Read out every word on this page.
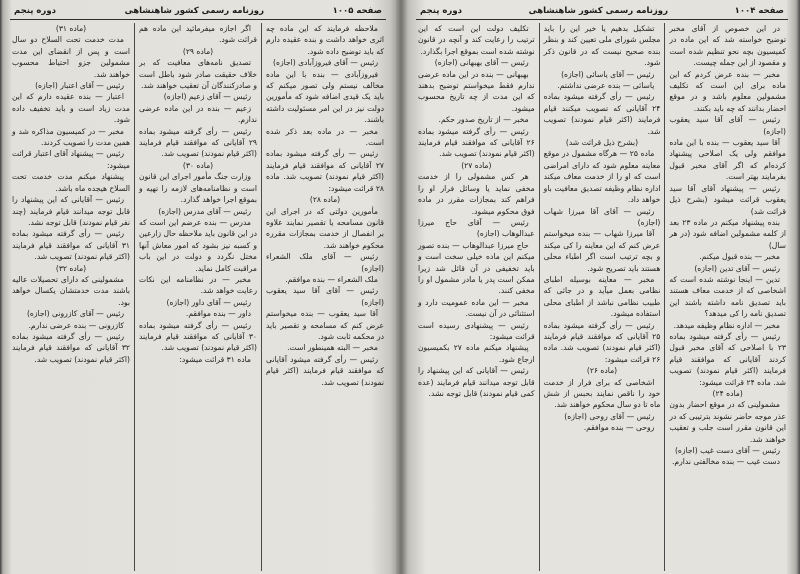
صفحه ۱۰۰۵
روزنامه رسمی کشور شاهنشاهی
دوره پنجم

ملاحظه فرمایند که این ماده چه اثری خواهد داشت و بنده عقیده دارم که باید توضیح داده شود.

رئیس — آقای فیروزآبادی (اجازه)

فیروزآبادی — بنده با این ماده مخالف نیستم ولی تصور میکنم که باید یک قیدی اضافه شود که مأمورین دولت نیز در این امر مسئولیت داشته باشند.

مخبر — در ماده بعد ذکر شده است.

رئیس — رأی گرفته میشود بماده ۲۷ آقایانی که موافقند قیام فرمایند (اکثر قیام نمودند) تصویب شد. ماده ۲۸ قرائت میشود:

(ماده ۲۸)

مأمورین دولتی که در اجرای این قانون مسامحه یا تقصیر نمایند علاوه بر انفصال از خدمت بمجازات مقرره محکوم خواهند شد.

رئیس — آقای ملک الشعراء (اجازه)

ملک الشعراء — بنده موافقم.

رئیس — آقای آقا سید یعقوب (اجازه)

آقا سید یعقوب — بنده میخواستم عرض کنم که مسامحه و تقصیر باید در محکمه ثابت شود.

مخبر — البته همینطور است.

رئیس — رأی گرفته میشود آقایانی که موافقند قیام فرمایند (اکثر قیام نمودند) تصویب شد.

اگر اجازه میفرمائید این ماده هم قرائت شود.

(ماده ۲۹)

تصدیق نامه‌های معافیت که بر خلاف حقیقت صادر شود باطل است و صادرکنندگان آن تعقیب خواهند شد.

رئیس — آقای زعیم (اجازه)

زعیم — بنده در این ماده عرضی ندارم.

رئیس — رأی گرفته میشود بماده ۲۹ آقایانی که موافقند قیام فرمایند (اکثر قیام نمودند) تصویب شد.

(ماده ۳۰)

وزارت جنگ مأمور اجرای این قانون است و نظامنامه‌های لازمه را تهیه و بموقع اجرا خواهد گذارد.

رئیس — آقای مدرس (اجازه)

مدرس — بنده عرضم این است که در این قانون باید ملاحظه حال زارعین و کسبه نیز بشود که امور معاش آنها مختل نگردد و دولت در این باب مراقبت کامل نماید.

مخبر — در نظامنامه این نکات رعایت خواهد شد.

رئیس — آقای داور (اجازه)

داور — بنده موافقم.

رئیس — رأی گرفته میشود بماده ۳۰ آقایانی که موافقند قیام فرمایند (اکثر قیام نمودند) تصویب شد.

ماده ۳۱ قرائت میشود:

(ماده ۳۱)

مدت خدمت تحت السلاح دو سال است و پس از انقضای این مدت مشمولین جزو احتیاط محسوب خواهند شد.

رئیس — آقای اعتبار (اجازه)

اعتبار — بنده عقیده دارم که این مدت زیاد است و باید تخفیف داده شود.

مخبر — در کمیسیون مذاکره شد و همین مدت را تصویب کردند.

رئیس — پیشنهاد آقای اعتبار قرائت میشود:

پیشنهاد میکنم مدت خدمت تحت السلاح هیجده ماه باشد.

رئیس — آقایانی که این پیشنهاد را قابل توجه میدانند قیام فرمایند (چند نفر قیام نمودند) قابل توجه نشد.

رئیس — رأی گرفته میشود بماده ۳۱ آقایانی که موافقند قیام فرمایند (اکثر قیام نمودند) تصویب شد.

(ماده ۳۲)

مشمولینی که دارای تحصیلات عالیه باشند مدت خدمتشان یکسال خواهد بود.

رئیس — آقای کازرونی (اجازه)

کازرونی — بنده عرضی ندارم.

رئیس — رأی گرفته میشود بماده ۳۲ آقایانی که موافقند قیام فرمایند (اکثر قیام نمودند) تصویب شد.

صفحه ۱۰۰۴
روزنامه رسمی کشور شاهنشاهی
دوره پنجم

در این خصوص از آقای مخبر توضیح خواسته شد که این ماده در کمیسیون بچه نحو تنظیم شده است و مقصود از این جمله چیست.

مخبر — بنده عرض کردم که این ماده برای این است که تکلیف مشمولین معلوم باشد و در موقع احضار بدانند که چه باید بکنند.

رئیس — آقای آقا سید یعقوب (اجازه)

آقا سید یعقوب — بنده با این ماده موافقم ولی یک اصلاحی پیشنهاد کرده‌ام که اگر آقای مخبر قبول بفرمایند بهتر است.

رئیس — پیشنهاد آقای آقا سید یعقوب قرائت میشود (بشرح ذیل قرائت شد)

بنده پیشنهاد میکنم در ماده ۲۳ بعد از کلمه مشمولین اضافه شود (در هر سال)

مخبر — بنده قبول میکنم.

رئیس — آقای تدین (اجازه)

تدین — اینجا نوشته شده است که اشخاصی که از خدمت معاف هستند باید تصدیق نامه داشته باشند این تصدیق نامه را کی میدهد؟

مخبر — اداره نظام وظیفه میدهد.

رئیس — رأی گرفته میشود بماده ۲۳ با اصلاحی که آقای مخبر قبول کردند آقایانی که موافقند قیام فرمایند (اکثر قیام نمودند) تصویب شد. ماده ۲۴ قرائت میشود:

(ماده ۲۴)

مشمولینی که در موقع احضار بدون عذر موجه حاضر نشوند بترتیبی که در این قانون مقرر است جلب و تعقیب خواهند شد.

رئیس — آقای دست غیب (اجازه)

دست غیب — بنده مخالفتی ندارم.

تشکیل بدهیم یا خیر این را باید مجلس شورای ملی تعیین کند و بنظر بنده صحیح نیست که در قانون ذکر شود.

رئیس — آقای یاسائی (اجازه)

یاسائی — بنده عرضی نداشتم.

رئیس — رأی گرفته میشود بماده ۲۴ آقایانی که تصویب میکنند قیام فرمایند (اکثر قیام نمودند) تصویب شد.

(بشرح ذیل قرائت شد)

ماده ۲۵ — هرگاه مشمول در موقع معاینه معلوم شود که دارای امراضی است که او را از خدمت معاف میکند اداره نظام وظیفه تصدیق معافیت باو خواهد داد.

رئیس — آقای آقا میرزا شهاب (اجازه)

آقا میرزا شهاب — بنده میخواستم عرض کنم که این معاینه را کی میکند و بچه ترتیب است اگر اطباء محلی هستند باید تصریح شود.

مخبر — معاینه بوسیله اطبای نظامی بعمل میآید و در جائی که طبیب نظامی نباشد از اطبای محلی استفاده میشود.

رئیس — رأی گرفته میشود بماده ۲۵ آقایانی که موافقند قیام فرمایند (اکثر قیام نمودند) تصویب شد. ماده ۲۶ قرائت میشود:

(ماده ۲۶)

اشخاصی که برای فرار از خدمت خود را ناقص نمایند بحبس از شش ماه تا دو سال محکوم خواهند شد.

رئیس — آقای روحی (اجازه)

روحی — بنده موافقم.

تکلیف دولت این است که این ترتیب را رعایت کند و آنچه در قانون نوشته شده است بموقع اجرا بگذارد.

رئیس — آقای بهبهانی (اجازه)

بهبهانی — بنده در این ماده عرضی ندارم فقط میخواستم توضیح بدهند که این مدت از چه تاریخ محسوب میشود.

مخبر — از تاریخ صدور حکم.

رئیس — رأی گرفته میشود بماده ۲۶ آقایانی که موافقند قیام فرمایند (اکثر قیام نمودند) تصویب شد.

(ماده ۲۷)

هر کس مشمولی را از خدمت مخفی نماید یا وسائل فرار او را فراهم کند بمجازات مقرر در ماده فوق محکوم میشود.

رئیس — آقای حاج میرزا عبدالوهاب (اجازه)

حاج میرزا عبدالوهاب — بنده تصور میکنم این ماده خیلی سخت است و باید تخفیفی در آن قائل شد زیرا ممکن است پدر یا مادر مشمول او را مخفی کنند.

مخبر — این ماده عمومیت دارد و استثنائی در آن نیست.

رئیس — پیشنهادی رسیده است قرائت میشود:

پیشنهاد میکنم ماده ۲۷ بکمیسیون ارجاع شود.

رئیس — آقایانی که این پیشنهاد را قابل توجه میدانند قیام فرمایند (عده کمی قیام نمودند) قابل توجه نشد.
